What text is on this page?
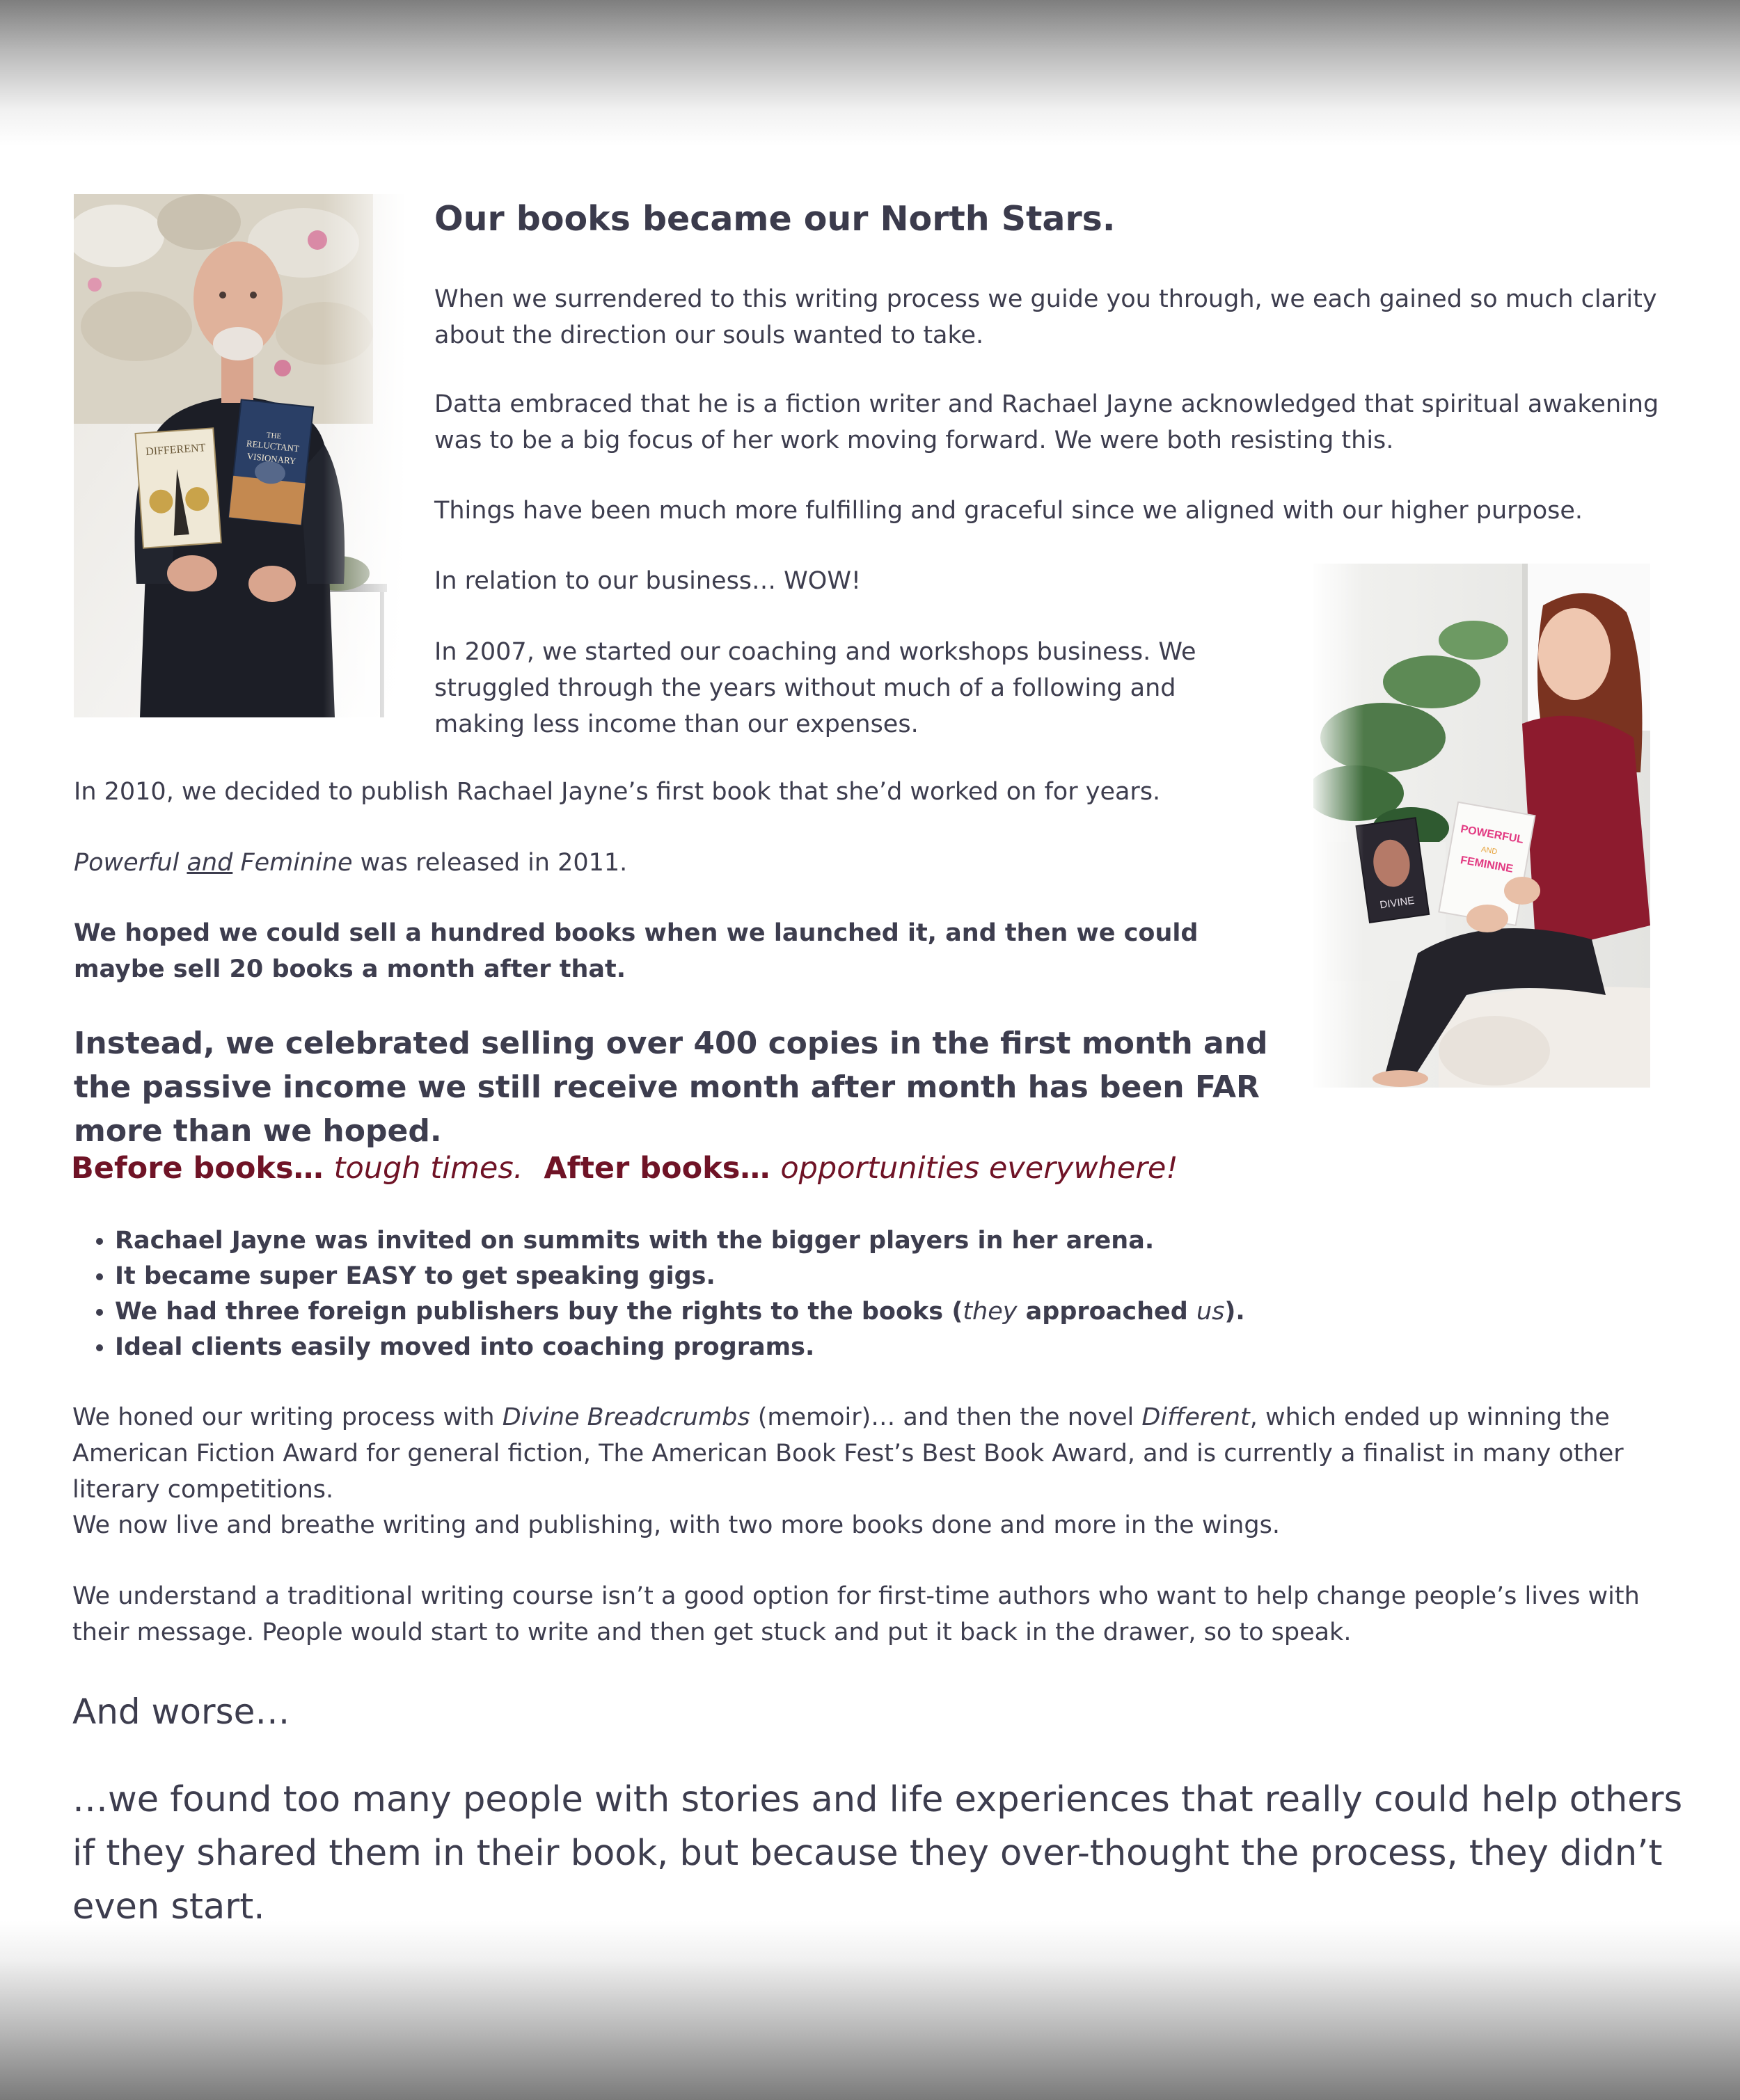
Our books became our North Stars.

When we surrendered to this writing process we guide you through, we each gained so much clarity about the direction our souls wanted to take.

Datta embraced that he is a fiction writer and Rachael Jayne acknowledged that spiritual awakening was to be a big focus of her work moving forward. We were both resisting this.

Things have been much more fulfilling and graceful since we aligned with our higher purpose.

In relation to our business… WOW!

In 2007, we started our coaching and workshops business. We struggled through the years without much of a following and making less income than our expenses.

In 2010, we decided to publish Rachael Jayne’s first book that she’d worked on for years.

Powerful and Feminine was released in 2011.

We hoped we could sell a hundred books when we launched it, and then we could maybe sell 20 books a month after that.

Instead, we celebrated selling over 400 copies in the first month and the passive income we still receive month after month has been FAR more than we hoped.

Before books… tough times. After books… opportunities everywhere!

• Rachael Jayne was invited on summits with the bigger players in her arena.
• It became super EASY to get speaking gigs.
• We had three foreign publishers buy the rights to the books (they approached us).
• Ideal clients easily moved into coaching programs.

We honed our writing process with Divine Breadcrumbs (memoir)… and then the novel Different, which ended up winning the American Fiction Award for general fiction, The American Book Fest’s Best Book Award, and is currently a finalist in many other literary competitions.

We now live and breathe writing and publishing, with two more books done and more in the wings.

We understand a traditional writing course isn’t a good option for first-time authors who want to help change people’s lives with their message. People would start to write and then get stuck and put it back in the drawer, so to speak.

And worse…

…we found too many people with stories and life experiences that really could help others if they shared them in their book, but because they over-thought the process, they didn’t even start.
